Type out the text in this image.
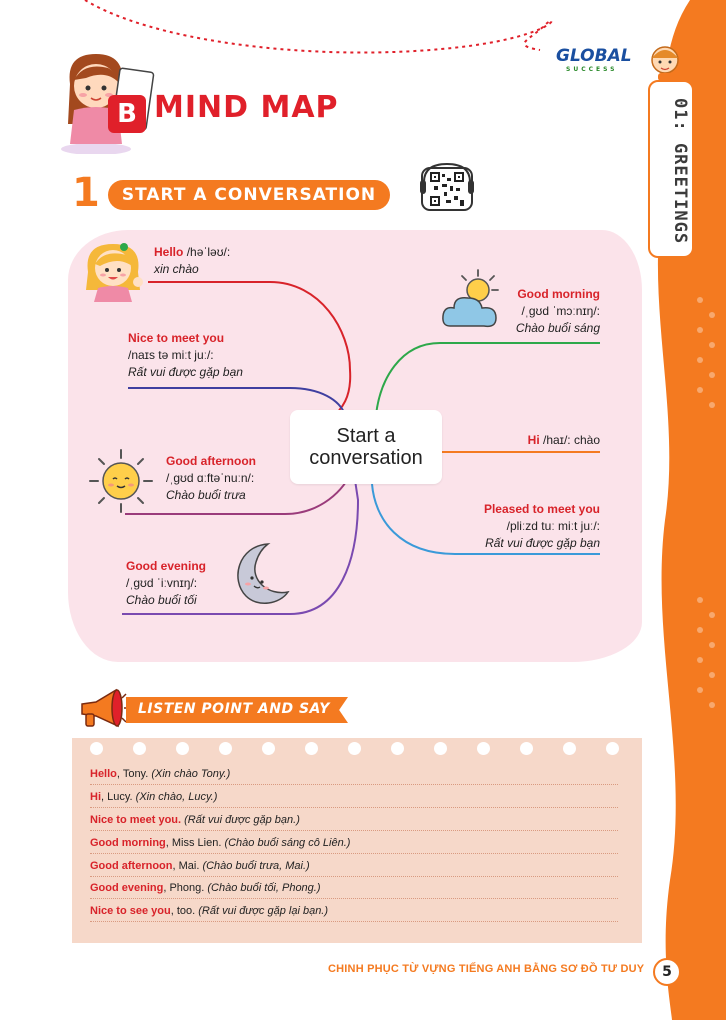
01: GREETINGS
GLOBAL
SUCCESS
B MIND MAP
1	START A CONVERSATION
Start a
conversation
Hello /həˈləʊ/:
xin chào
Nice to meet you
/naɪs tə miːt juː/:
Rất vui được gặp bạn
Good afternoon
/ˌɡʊd ɑːftəˈnuːn/:
Chào buổi trưa
Good evening
/ˌɡʊd ˈiːvnɪŋ/:
Chào buổi tối
Good morning
/ˌɡʊd ˈmɔːnɪŋ/:
Chào buổi sáng
Hi /haɪ/: chào
Pleased to meet you
/pliːzd tuː miːt juː/:
Rất vui được gặp bạn
LISTEN POINT AND SAY
Hello, Tony. (Xin chào Tony.)
Hi, Lucy. (Xin chào, Lucy.)
Nice to meet you. (Rất vui được gặp bạn.)
Good morning, Miss Lien. (Chào buổi sáng cô Liên.)
Good afternoon, Mai. (Chào buổi trưa, Mai.)
Good evening, Phong. (Chào buổi tối, Phong.)
Nice to see you, too. (Rất vui được gặp lại bạn.)
CHINH PHỤC TỪ VỰNG TIẾNG ANH BẰNG SƠ ĐỒ TƯ DUY	5
